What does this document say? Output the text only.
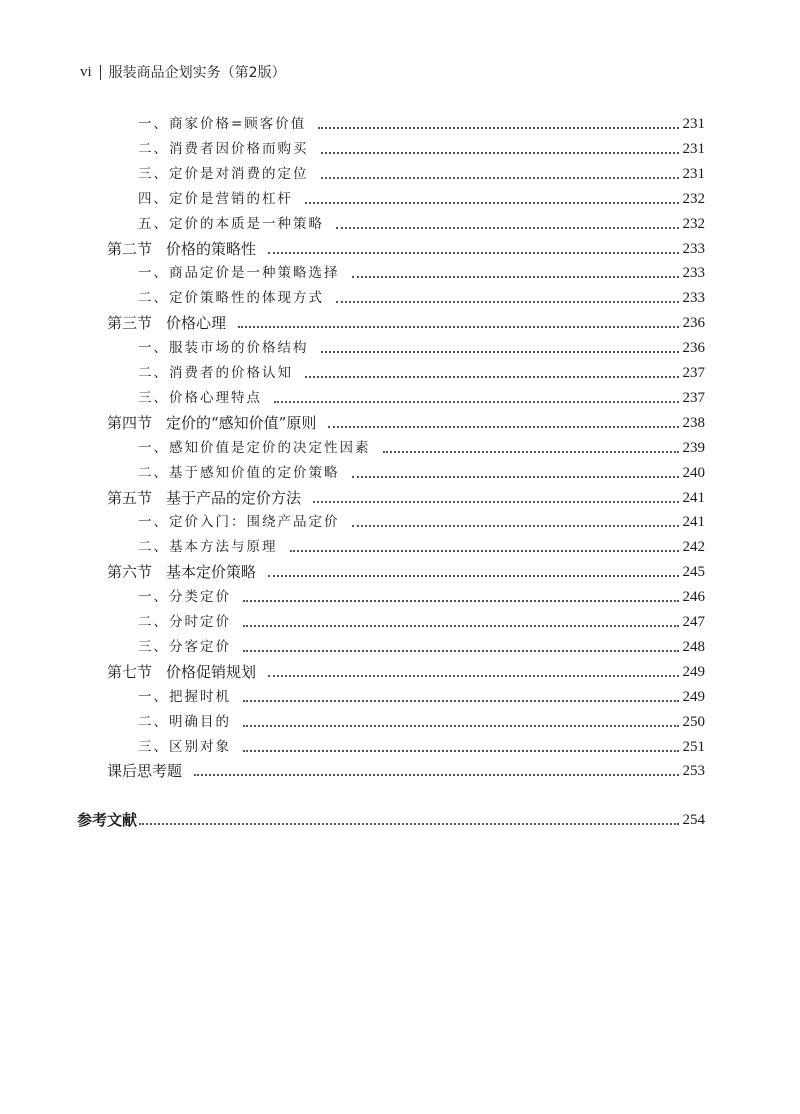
vi 服装商品企划实务（第2版）
一、商家价格=顾客价值	231
二、消费者因价格而购买	231
三、定价是对消费的定位	231
四、定价是营销的杠杆	232
五、定价的本质是一种策略	232
第二节 价格的策略性	233
一、商品定价是一种策略选择	233
二、定价策略性的体现方式	233
第三节 价格心理	236
一、服装市场的价格结构	236
二、消费者的价格认知	237
三、价格心理特点	237
第四节 定价的“感知价值”原则	238
一、感知价值是定价的决定性因素	239
二、基于感知价值的定价策略	240
第五节 基于产品的定价方法	241
一、定价入门：围绕产品定价	241
二、基本方法与原理	242
第六节 基本定价策略	245
一、分类定价	246
二、分时定价	247
三、分客定价	248
第七节 价格促销规划	249
一、把握时机	249
二、明确目的	250
三、区别对象	251
课后思考题	253
参考文献	254
